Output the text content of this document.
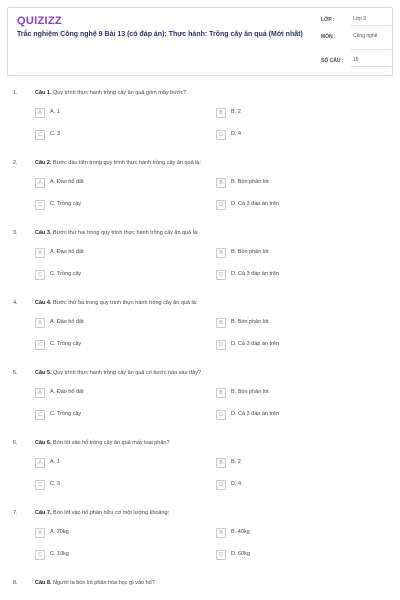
QUIZIZZ
Trắc nghiệm Công nghệ 9 Bài 13 (có đáp án): Thực hành: Trồng cây ăn quả (Mới nhất)
LỚP :	Lớp 9
MÔN :	Công nghệ
SỐ CÂU : 15
1.	Câu 1. Quy trình thực hành trồng cây ăn quả gồm mấy bước?
A	A. 1	B	B. 2
C	C. 3	D	D. 4
2.	Câu 2. Bước đầu tiên trong quy trình thực hành trồng cây ăn quả là:
A	A. Đào hố đất	B	B. Bón phân lót
C	C. Trồng cây	D	D. Cả 3 đáp án trên
3.	Câu 3. Bước thứ hai trong quy trình thực hành trồng cây ăn quả là:
A	A. Đào hố đất	B	B. Bón phân lót
C	C. Trồng cây	D	D. Cả 3 đáp án trên
4.	Câu 4. Bước thứ ba trong quy trình thực hành trồng cây ăn quả là:
A	A. Đào hố đất	B	B. Bón phân lót
C	C. Trồng cây	D	D. Cả 3 đáp án trên
5.	Câu 5. Quy trình thực hành trồng cây ăn quả có bước nào sau đây?
A	A. Đào hố đất	B	B. Bón phân lót
C	C. Trồng cây	D	D. Cả 3 đáp án trên
6.	Câu 6. Bón lót vào hố trồng cây ăn quả mấy loại phân?
A	A. 1	B	B. 2
C	C. 3	D	D. 4
7.	Câu 7. Bón lót vào hố phân hữu cơ một lượng khoảng:
A	A. 20kg	B	B. 40kg
C	C. 10kg	D	D. 60kg
8.	Câu 8. Người ta bón lót phân hóa học gì vào hố?
